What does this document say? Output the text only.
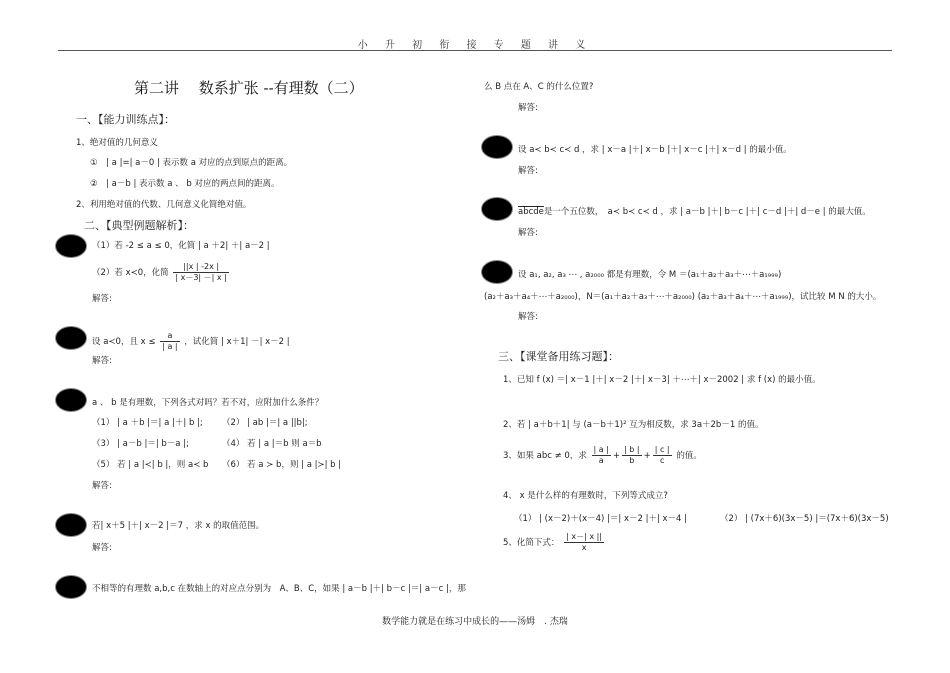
小 升 初 衔 接 专 题 讲 义
第二讲　 数系扩张 --有理数（二）
一、【能力训练点】：
1、绝对值的几何意义
①　| a |=| a－0 | 表示数 a 对应的点到原点的距离。
②　| a－b | 表示数 a 、 b 对应的两点间的距离。
2、利用绝对值的代数、几何意义化简绝对值。
二、【典型例题解析】：
（1）若 -2 ≤ a ≤ 0，化简 | a ＋2| ＋| a－2 |
（2）若 x≺0，化简 $\frac{||x | -2x |}{| x-3| -| x |}$
解答:
设 a≺0，且 $x \le \frac{a}{| a |}$ ，试化简 | x＋1| －| x－2 |
解答:
a 、 b 是有理数，下列各式对吗？若不对，应附加什么条件？
（1） | a ＋b |＝| a |＋| b |; （2） | ab |＝| a ||b|;
（3） | a－b |＝| b－a |;	（4） 若 | a |＝b 则 a＝b
（5） 若 | a |≺| b |，则 a≺ b （6） 若 a ≻ b，则 | a |≻| b |
解答:
若| x＋5 |＋| x－2 |＝7 ，求 x 的取值范围。
解答:
不相等的有理数 a,b,c 在数轴上的对应点分别为　A、B、C，如果 | a－b |＋| b－c |＝| a－c |，那
么 B 点在 A、C 的什么位置?
解答:
设 a≺ b≺ c≺ d ，求 | x－a |＋| x－b |＋| x－c |＋| x－d | 的最小值。
解答:
abcde是一个五位数，　a≺ b≺ c≺ d ，求 | a－b |＋| b－c |＋| c－d |＋| d－e | 的最大值。
解答:
设 a₁, a₂, a₃ ⋯ , a₂₀₀₀ 都是有理数，令 M ＝(a₁＋a₂＋a₃＋⋯＋a₁₉₉₉)
(a₂＋a₃＋a₄＋⋯＋a₂₀₀₀)，N＝(a₁＋a₂＋a₃＋⋯＋a₂₀₀₀) (a₂＋a₃＋a₄＋⋯＋a₁₉₉₉)，试比较 M N 的大小。
解答:
三、【课堂备用练习题】：
1、已知 f (x) ＝| x－1 |＋| x－2 |＋| x－3| ＋⋯＋| x－2002 | 求 f (x) 的最小值。
2、若 | a＋b＋1| 与 (a－b＋1)² 互为相反数，求 3a＋2b－1 的值。
3、如果 abc ≠ 0，求 $\frac{| a |}{a} + \frac{| b |}{b} + \frac{| c |}{c}$ 的值。
4、 x 是什么样的有理数时，下列等式成立?
（1） | (x－2)＋(x－4) |＝| x－2 |＋| x－4 |	（2） | (7x＋6)(3x－5) |＝(7x＋6)(3x－5)
5、化简下式： $\frac{| x-| x ||}{x}$
数学能力就是在练习中成长的——汤姆　. 杰瑞
